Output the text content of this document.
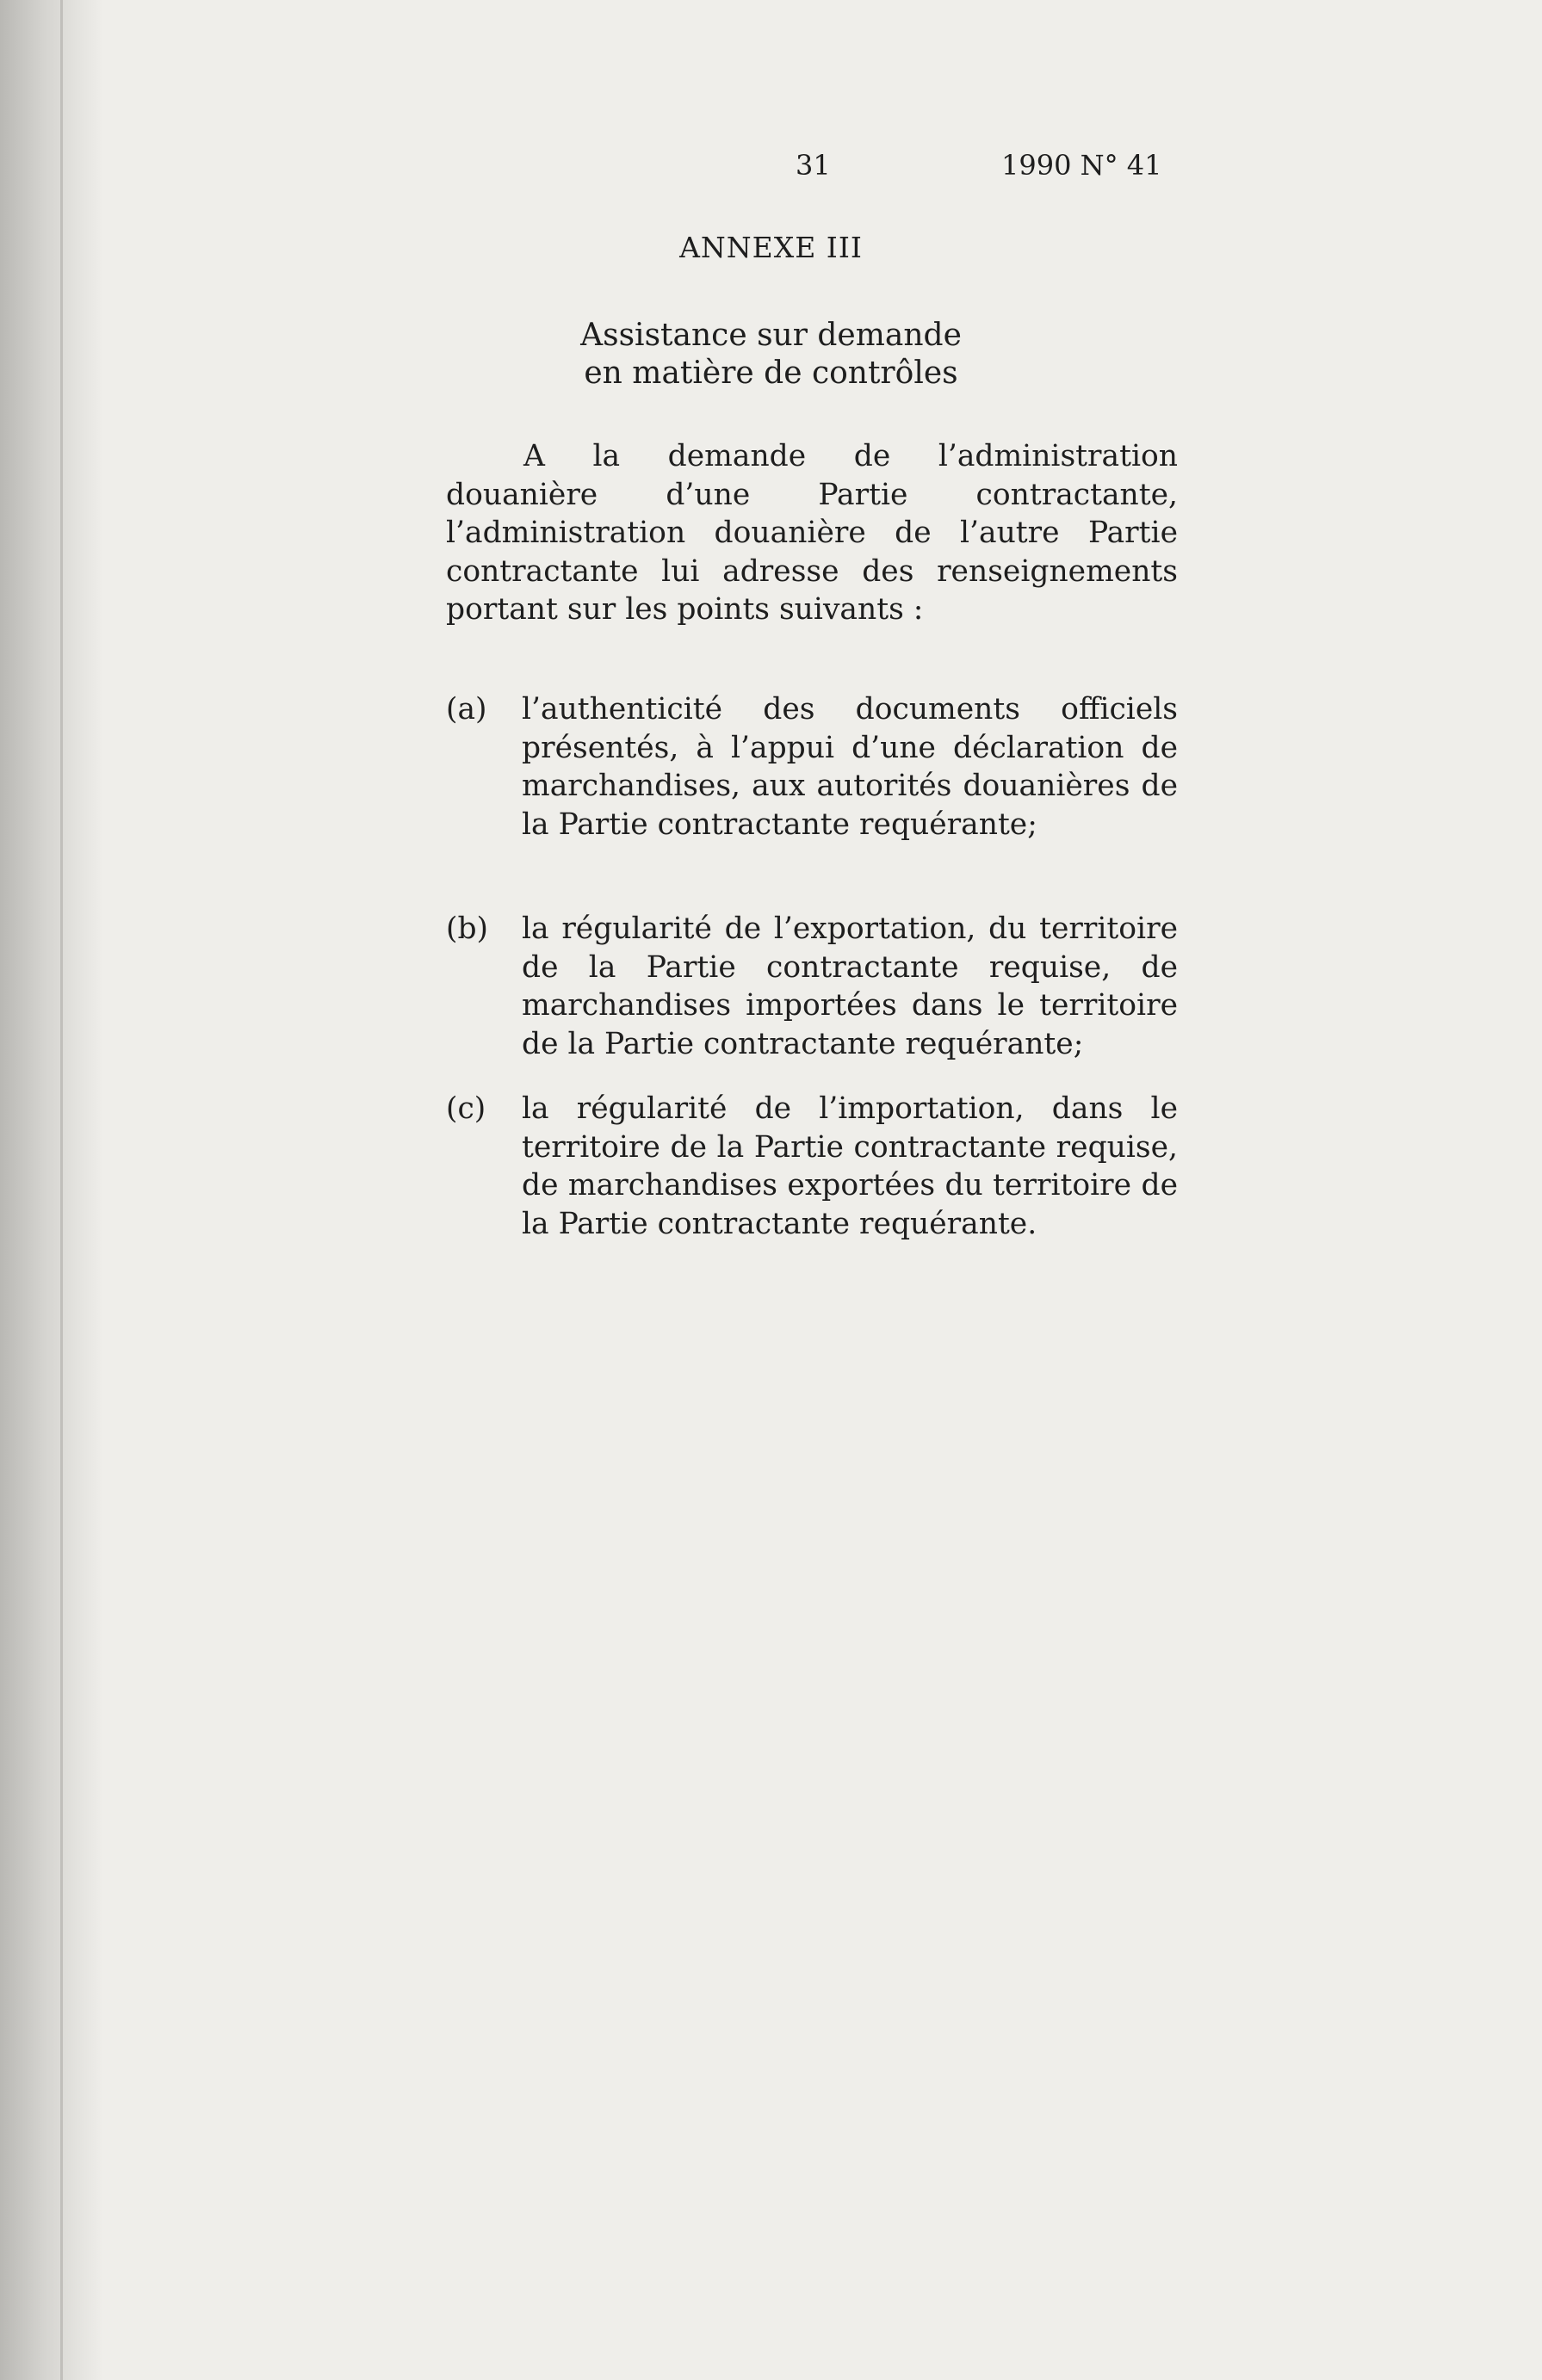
31	1990 N° 41
ANNEXE III
Assistance sur demande
en matière de contrôles
A la demande de l’administration douanière d’une Partie contractante, l’administration douanière de l’autre Partie contractante lui adresse des renseignements portant sur les points suivants :
(a)	l’authenticité des documents officiels présentés, à l’appui d’une déclaration de marchandises, aux autorités douanières de la Partie contractante requérante;
(b)	la régularité de l’exportation, du territoire de la Partie contractante requise, de marchandises importées dans le territoire de la Partie contractante requérante;
(c)	la régularité de l’importation, dans le territoire de la Partie contractante requise, de marchandises exportées du territoire de la Partie contractante requérante.
